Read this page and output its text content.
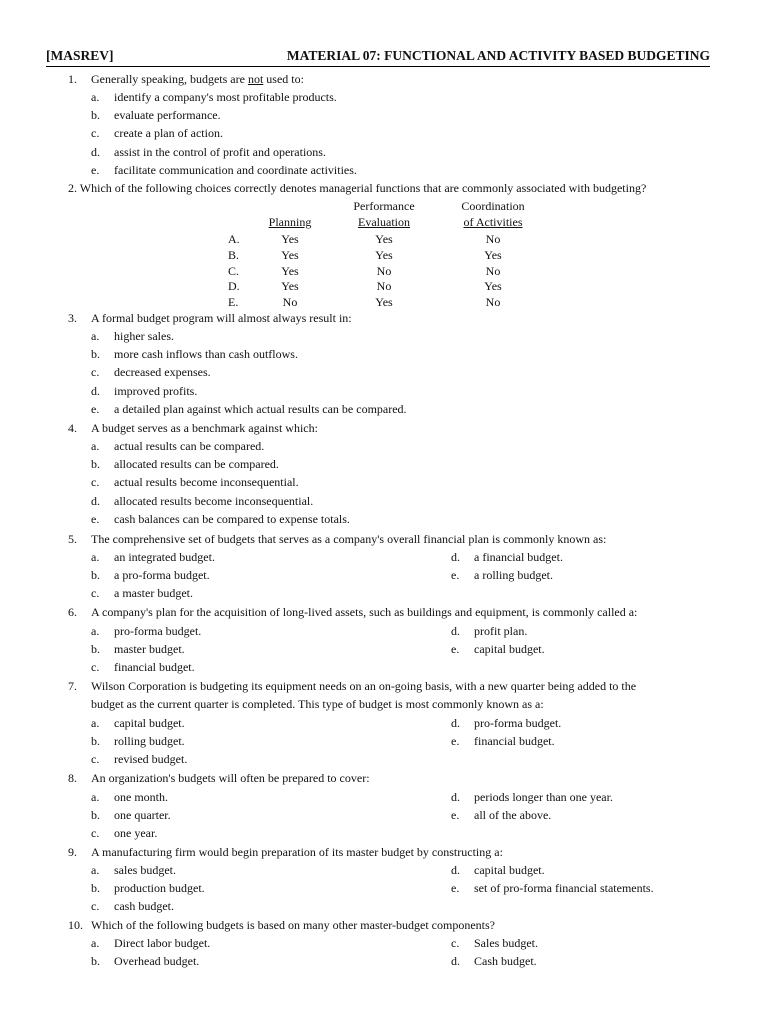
[MASREV]	MATERIAL 07: FUNCTIONAL AND ACTIVITY BASED BUDGETING
1. Generally speaking, budgets are not used to:
a. identify a company's most profitable products.
b. evaluate performance.
c. create a plan of action.
d. assist in the control of profit and operations.
e. facilitate communication and coordinate activities.
2. Which of the following choices correctly denotes managerial functions that are commonly associated with budgeting?
Performance	Coordination
Planning	Evaluation	of Activities
A.	Yes	Yes	No
B.	Yes	Yes	Yes
C.	Yes	No	No
D.	Yes	No	Yes
E.	No	Yes	No
3. A formal budget program will almost always result in:
a. higher sales.
b. more cash inflows than cash outflows.
c. decreased expenses.
d. improved profits.
e. a detailed plan against which actual results can be compared.
4. A budget serves as a benchmark against which:
a. actual results can be compared.
b. allocated results can be compared.
c. actual results become inconsequential.
d. allocated results become inconsequential.
e. cash balances can be compared to expense totals.
5. The comprehensive set of budgets that serves as a company's overall financial plan is commonly known as:
a. an integrated budget.
b. a pro-forma budget.
c. a master budget.
d. a financial budget.
e. a rolling budget.
6. A company's plan for the acquisition of long-lived assets, such as buildings and equipment, is commonly called a:
a. pro-forma budget.
b. master budget.
c. financial budget.
d. profit plan.
e. capital budget.
7. Wilson Corporation is budgeting its equipment needs on an on-going basis, with a new quarter being added to the
budget as the current quarter is completed. This type of budget is most commonly known as a:
a. capital budget.
b. rolling budget.
c. revised budget.
d. pro-forma budget.
e. financial budget.
8. An organization's budgets will often be prepared to cover:
a. one month.
b. one quarter.
c. one year.
d. periods longer than one year.
e. all of the above.
9. A manufacturing firm would begin preparation of its master budget by constructing a:
a. sales budget.
b. production budget.
c. cash budget.
d. capital budget.
e. set of pro-forma financial statements.
10. Which of the following budgets is based on many other master-budget components?
a. Direct labor budget.
b. Overhead budget.
c. Sales budget.
d. Cash budget.
